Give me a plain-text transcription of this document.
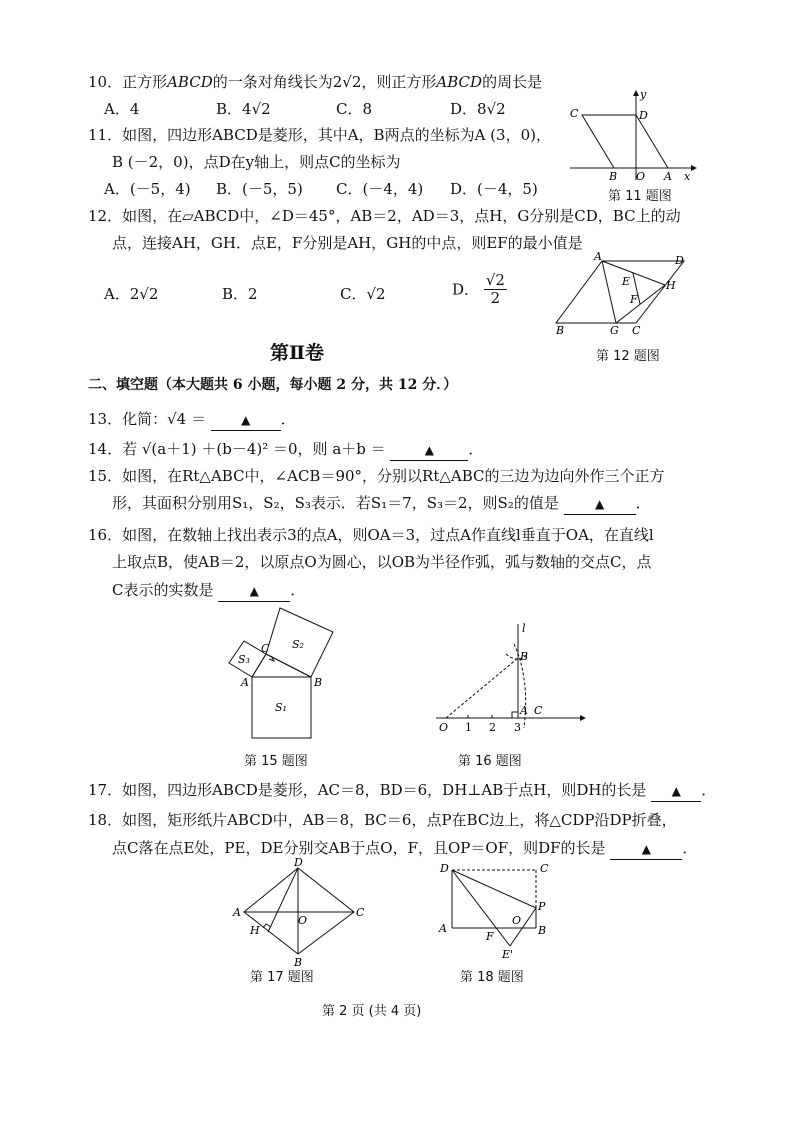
10．正方形ABCD的一条对角线长为2√2，则正方形ABCD的周长是
A．4	B．4√2	C．8	D．8√2
11．如图，四边形ABCD是菱形，其中A，B两点的坐标为A (3，0)，
B (－2，0)，点D在y轴上，则点C的坐标为
A．(－5，4) B．(－5，5) C．(－4，4) D．(－4，5)
C	D
y
B O A x
第 11 题图
12．如图，在▱ABCD中，∠D＝45°，AB＝2，AD＝3，点H，G分别是CD，BC上的动
点，连接AH，GH．点E，F分别是AH，GH的中点，则EF的最小值是
A．2√2	B．2	C．√2	D． $\frac{√2}{2}$
A	D
E	H
F
B	G C
第 12 题图
第Ⅱ卷
二、填空题（本大题共 6 小题，每小题 2 分，共 12 分．）
13．化简：√4 ＝	▲ ．
14．若 √(a＋1) ＋(b－4)² ＝0，则 a＋b ＝	▲ ．
15．如图，在Rt△ABC中，∠ACB＝90°，分别以Rt△ABC的三边为边向外作三个正方
形，其面积分别用S₁，S₂，S₃表示．若S₁＝7，S₃＝2，则S₂的值是	▲ ．
16．如图，在数轴上找出表示3的点A，则OA＝3，过点A作直线l垂直于OA，在直线l
上取点B，使AB＝2，以原点O为圆心，以OB为半径作弧，弧与数轴的交点C，点
C表示的实数是	▲ ．
S₃
S₂
S₁
C
A	B
第 15 题图
l
B
O 1 2 3
A C
第 16 题图
17．如图，四边形ABCD是菱形，AC＝8，BD＝6，DH⊥AB于点H，则DH的长是 ▲ ．
18．如图，矩形纸片ABCD中，AB＝8，BC＝6，点P在BC边上，将△CDP沿DP折叠，
点C落在点E处，PE，DE分别交AB于点O，F，且OP＝OF，则DF的长是	▲ ．
D
A
H
O
C
B
第 17 题图
D	C
P
O
A
F	B
E'
第 18 题图
第 2 页 (共 4 页)
